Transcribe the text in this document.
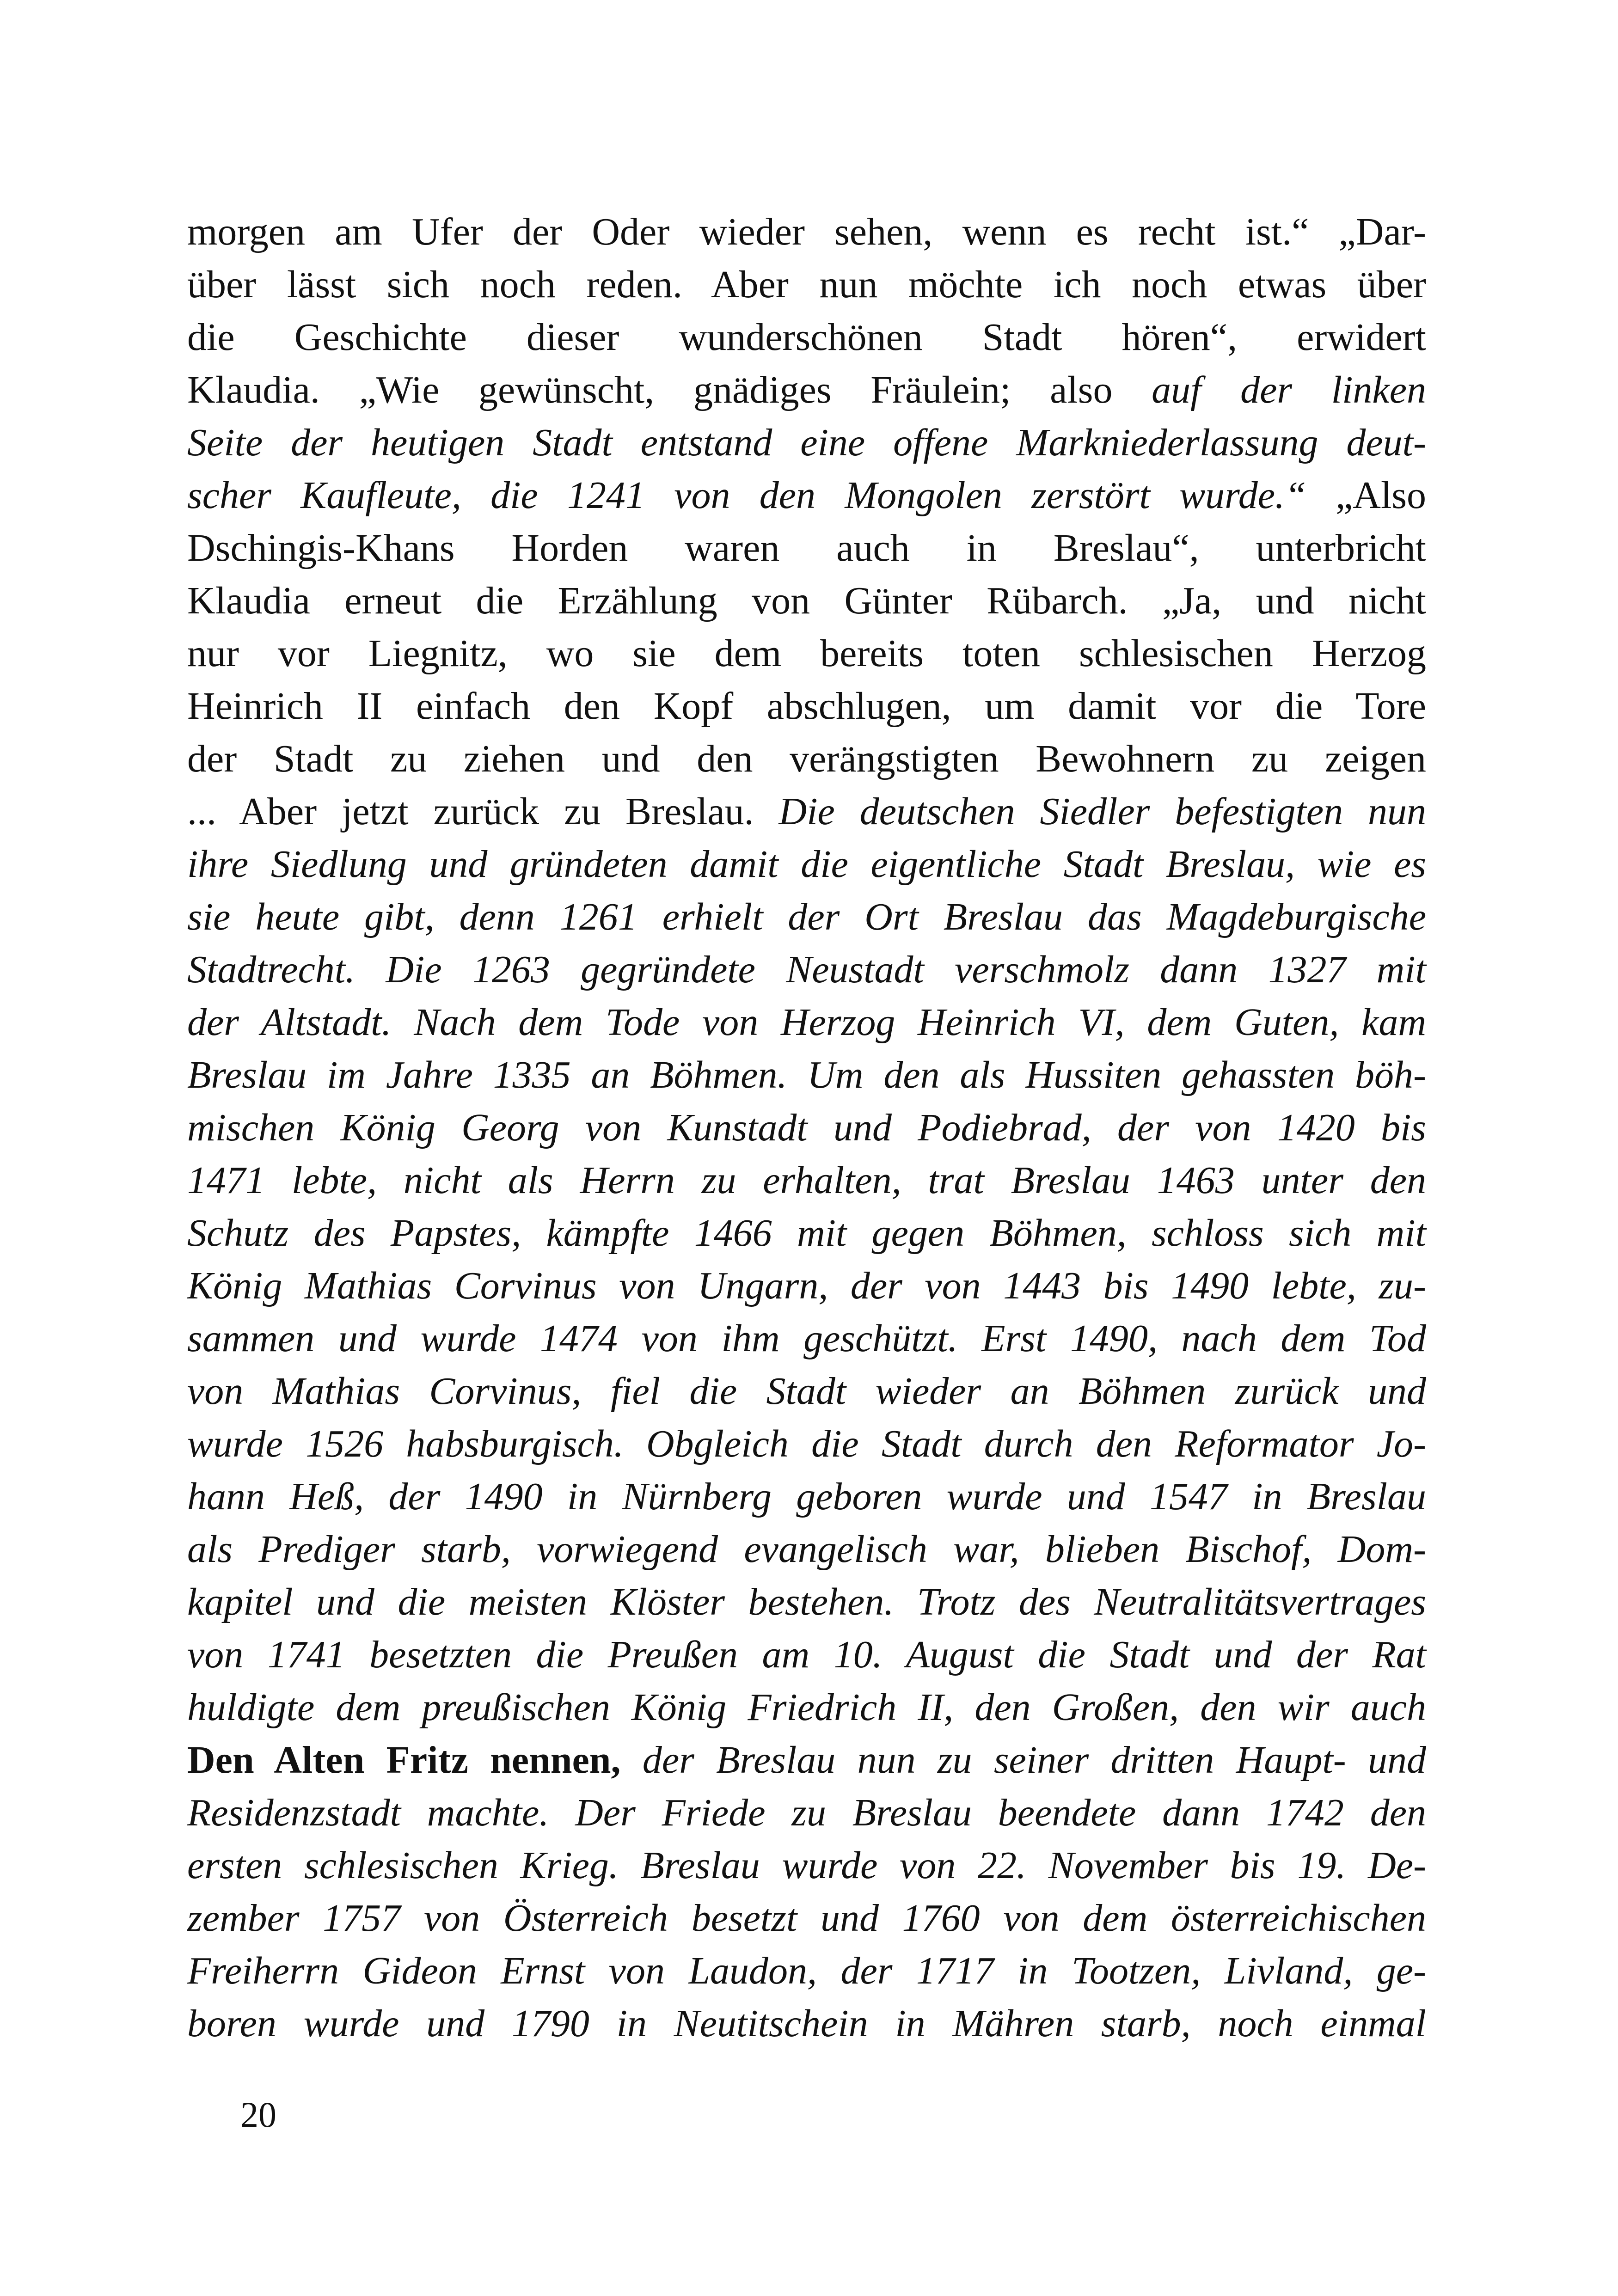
morgen am Ufer der Oder wieder sehen, wenn es recht ist.“ „Dar-
über lässt sich noch reden. Aber nun möchte ich noch etwas über
die Geschichte dieser wunderschönen Stadt hören“, erwidert
Klaudia. „Wie gewünscht, gnädiges Fräulein; also auf der linken
Seite der heutigen Stadt entstand eine offene Markniederlassung deut-
scher Kaufleute, die 1241 von den Mongolen zerstört wurde.“ „Also
Dschingis-Khans Horden waren auch in Breslau“, unterbricht
Klaudia erneut die Erzählung von Günter Rübarch. „Ja, und nicht
nur vor Liegnitz, wo sie dem bereits toten schlesischen Herzog
Heinrich II einfach den Kopf abschlugen, um damit vor die Tore
der Stadt zu ziehen und den verängstigten Bewohnern zu zeigen
... Aber jetzt zurück zu Breslau. Die deutschen Siedler befestigten nun
ihre Siedlung und gründeten damit die eigentliche Stadt Breslau, wie es
sie heute gibt, denn 1261 erhielt der Ort Breslau das Magdeburgische
Stadtrecht. Die 1263 gegründete Neustadt verschmolz dann 1327 mit
der Altstadt. Nach dem Tode von Herzog Heinrich VI, dem Guten, kam
Breslau im Jahre 1335 an Böhmen. Um den als Hussiten gehassten böh-
mischen König Georg von Kunstadt und Podiebrad, der von 1420 bis
1471 lebte, nicht als Herrn zu erhalten, trat Breslau 1463 unter den
Schutz des Papstes, kämpfte 1466 mit gegen Böhmen, schloss sich mit
König Mathias Corvinus von Ungarn, der von 1443 bis 1490 lebte, zu-
sammen und wurde 1474 von ihm geschützt. Erst 1490, nach dem Tod
von Mathias Corvinus, fiel die Stadt wieder an Böhmen zurück und
wurde 1526 habsburgisch. Obgleich die Stadt durch den Reformator Jo-
hann Heß, der 1490 in Nürnberg geboren wurde und 1547 in Breslau
als Prediger starb, vorwiegend evangelisch war, blieben Bischof, Dom-
kapitel und die meisten Klöster bestehen. Trotz des Neutralitätsvertrages
von 1741 besetzten die Preußen am 10. August die Stadt und der Rat
huldigte dem preußischen König Friedrich II, den Großen, den wir auch
Den Alten Fritz nennen, der Breslau nun zu seiner dritten Haupt- und
Residenzstadt machte. Der Friede zu Breslau beendete dann 1742 den
ersten schlesischen Krieg. Breslau wurde von 22. November bis 19. De-
zember 1757 von Österreich besetzt und 1760 von dem österreichischen
Freiherrn Gideon Ernst von Laudon, der 1717 in Tootzen, Livland, ge-
boren wurde und 1790 in Neutitschein in Mähren starb, noch einmal
20
